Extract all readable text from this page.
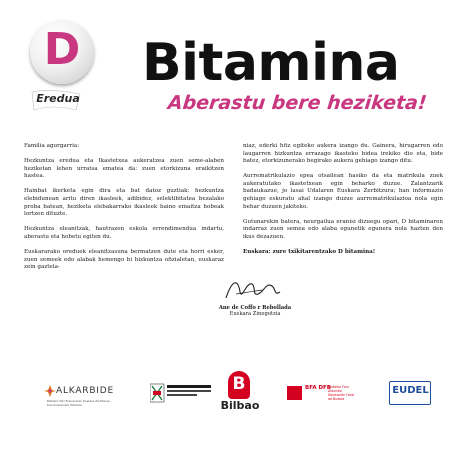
D
Eredua
Bitamina
Aberastu bere heziketa!

Familia agurgarria:

Hezkuntza eredua eta Ikastetxea aukeratzea zuen seme-alaben heziketan lehen urratsa ematea da: zuen etorkizuna eraikitzen hastea.

Hainbat ikerketa egin dira eta bat datoz guztiak: hezkuntza elebidunean aritu diren ikasleek, adibidez, selektibitatea bezalako proba batean, heziketa elebakarrako ikasleek baino emaitza hobeak lortzen dituzte.

Hezkuntza eleanitzak, hautrazen eskola errendimendua indartu, aberastu eta hobetu egiten du.

Euskararako oreduek eleanitzasuna bermatzen dute eta horri esker, zuen semeek edo alabak hemengo bi hizkuntza ofizialetan, euskaraz zein gaztela-

niaz, ederki hitz egiteko aukera izango du. Gainera, hirugarren edo laugarren hizkuntza errazago ikasteko bidea irekiko dio eta, bide batez, etorkizunerako begirako aukera gehiago izango ditu.

Aurrematrikulazio epea otsailean hasiko da eta matrikula zuek aukeratutako ikastetxean egin beharko duzue. Zalantzarik badaukazue, jo lasai Udalaren Euskara Zerbitzura; han informazio gehiago eskuratu ahal izango duzue aurrematrikulazioa nola egin behar duzuen jakiteko.

Gutunarekin batera, neurgailua eranisi dizuegu opari, D bitaminaren indarraz zuen semea edo alaba egunetik egunera nola hazten den ikus dezazuen.

Euskara: zure txikitarentzako D bitamina!

Ane de Coffo r Rebollada
Euskara Zinegotzia
ALKARBIDE
Bizkaiko Toki Erakundeen Euskara Zerbitzuen Koordinaziorako Elkartea
B
Bilbao
BFA DFB
Bizkaiko Foru Aldundia Diputación Foral de Bizkaia
EUDEL
